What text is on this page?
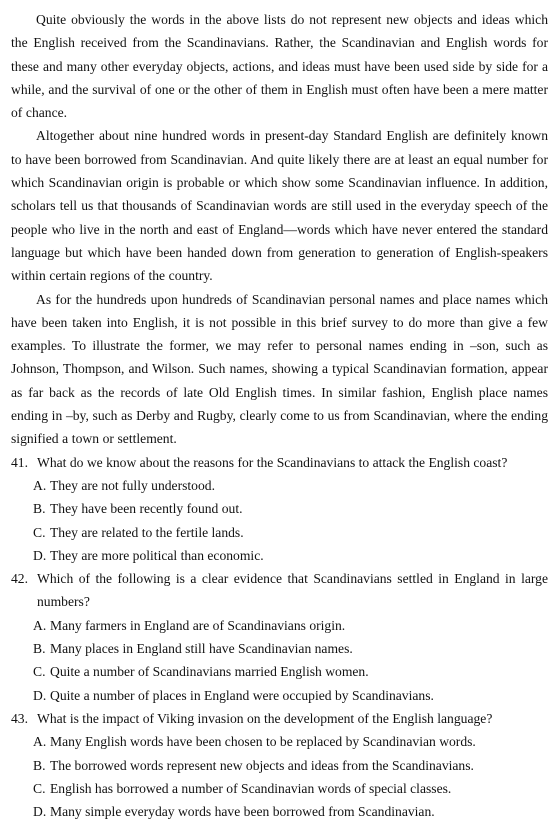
Quite obviously the words in the above lists do not represent new objects and ideas which the English received from the Scandinavians. Rather, the Scandinavian and English words for these and many other everyday objects, actions, and ideas must have been used side by side for a while, and the survival of one or the other of them in English must often have been a mere matter of chance.

Altogether about nine hundred words in present-day Standard English are definitely known to have been borrowed from Scandinavian. And quite likely there are at least an equal number for which Scandinavian origin is probable or which show some Scandinavian influence. In addition, scholars tell us that thousands of Scandinavian words are still used in the everyday speech of the people who live in the north and east of England—words which have never entered the standard language but which have been handed down from generation to generation of English-speakers within certain regions of the country.

As for the hundreds upon hundreds of Scandinavian personal names and place names which have been taken into English, it is not possible in this brief survey to do more than give a few examples. To illustrate the former, we may refer to personal names ending in –son, such as Johnson, Thompson, and Wilson. Such names, showing a typical Scandinavian formation, appear as far back as the records of late Old English times. In similar fashion, English place names ending in –by, such as Derby and Rugby, clearly come to us from Scandinavian, where the ending signified a town or settlement.

41. What do we know about the reasons for the Scandinavians to attack the English coast?
A. They are not fully understood.
B. They have been recently found out.
C. They are related to the fertile lands.
D. They are more political than economic.
42. Which of the following is a clear evidence that Scandinavians settled in England in large numbers?
A. Many farmers in England are of Scandinavians origin.
B. Many places in England still have Scandinavian names.
C. Quite a number of Scandinavians married English women.
D. Quite a number of places in England were occupied by Scandinavians.
43. What is the impact of Viking invasion on the development of the English language?
A. Many English words have been chosen to be replaced by Scandinavian words.
B. The borrowed words represent new objects and ideas from the Scandinavians.
C. English has borrowed a number of Scandinavian words of special classes.
D. Many simple everyday words have been borrowed from Scandinavian.
